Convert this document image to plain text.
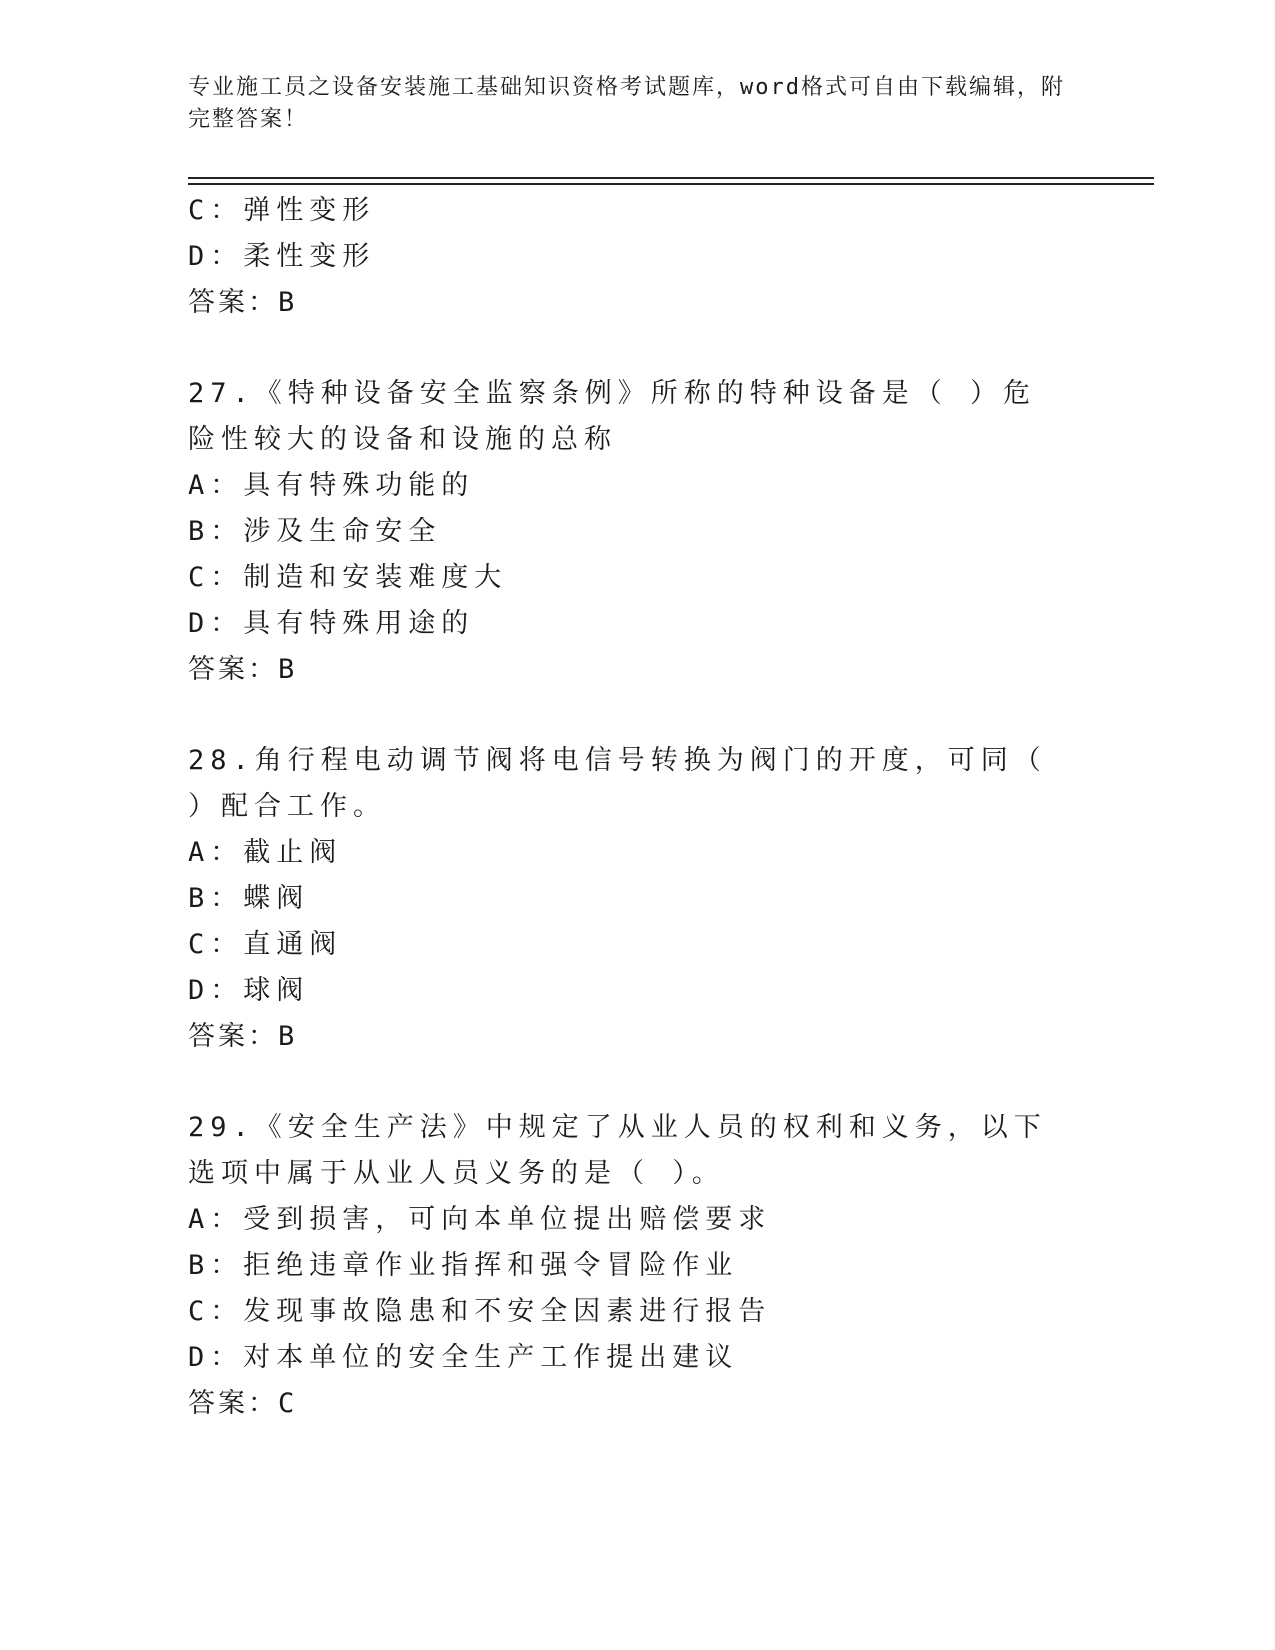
专业施工员之设备安装施工基础知识资格考试题库，word格式可自由下载编辑，附完整答案！
C：弹性变形
D：柔性变形
答案：B
27.《特种设备安全监察条例》所称的特种设备是（ ）危险性较大的设备和设施的总称
A：具有特殊功能的
B：涉及生命安全
C：制造和安装难度大
D：具有特殊用途的
答案：B
28.角行程电动调节阀将电信号转换为阀门的开度，可同（ ）配合工作。
A：截止阀
B：蝶阀
C：直通阀
D：球阀
答案：B
29.《安全生产法》中规定了从业人员的权利和义务，以下选项中属于从业人员义务的是（ ）。
A：受到损害，可向本单位提出赔偿要求
B：拒绝违章作业指挥和强令冒险作业
C：发现事故隐患和不安全因素进行报告
D：对本单位的安全生产工作提出建议
答案：C
